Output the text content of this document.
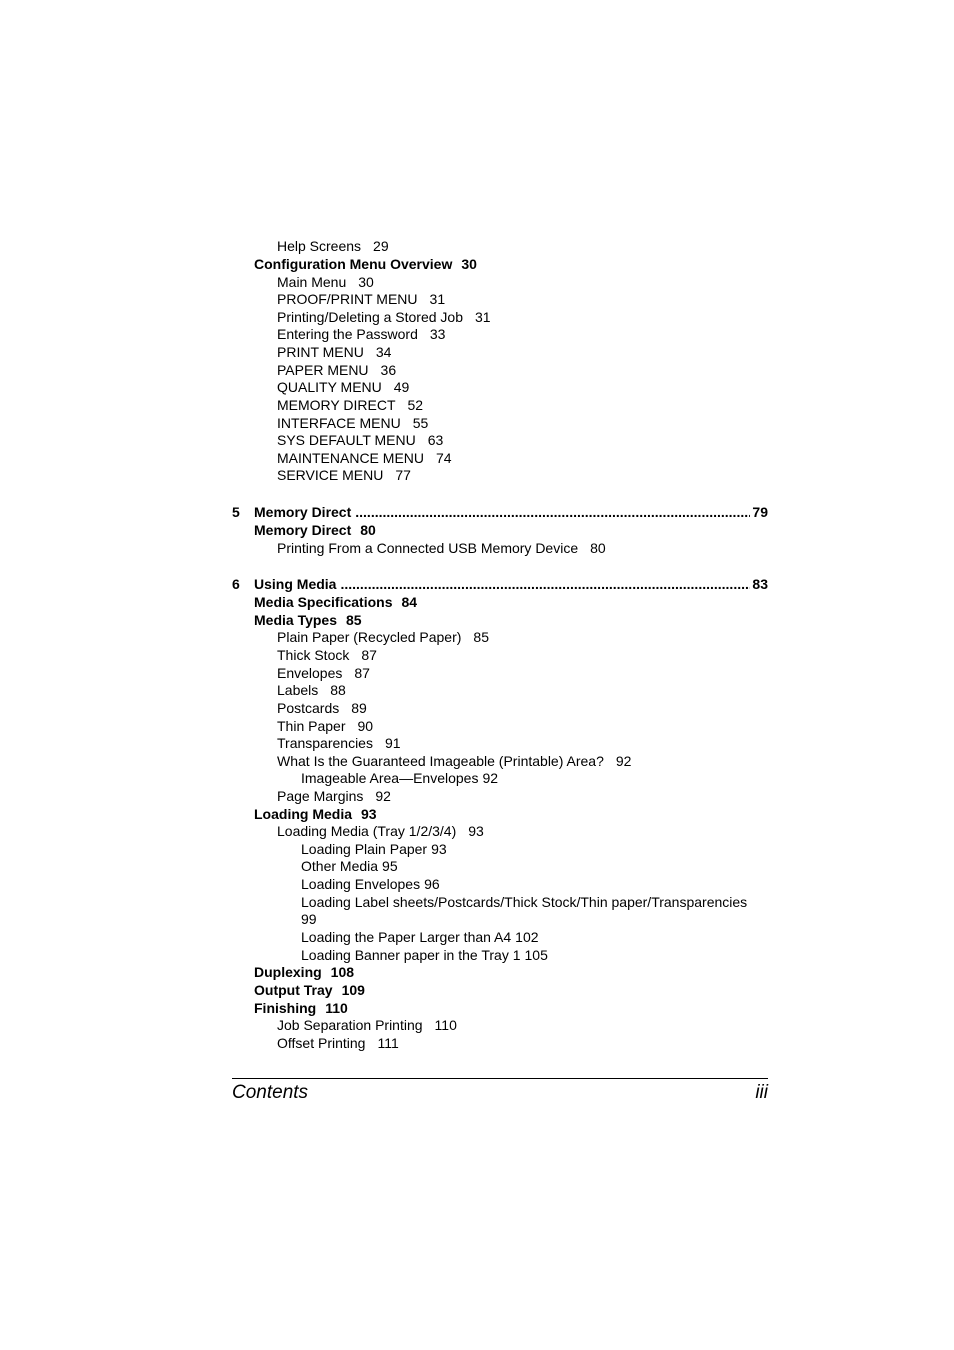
Help Screens 29
Configuration Menu Overview 30
Main Menu 30
PROOF/PRINT MENU 31
Printing/Deleting a Stored Job 31
Entering the Password 33
PRINT MENU 34
PAPER MENU 36
QUALITY MENU 49
MEMORY DIRECT 52
INTERFACE MENU 55
SYS DEFAULT MENU 63
MAINTENANCE MENU 74
SERVICE MENU 77
5	Memory Direct .....	79
Memory Direct 80
Printing From a Connected USB Memory Device 80
6	Using Media .....	83
Media Specifications 84
Media Types 85
Plain Paper (Recycled Paper) 85
Thick Stock 87
Envelopes 87
Labels 88
Postcards 89
Thin Paper 90
Transparencies 91
What Is the Guaranteed Imageable (Printable) Area? 92
Imageable Area—Envelopes 92
Page Margins 92
Loading Media 93
Loading Media (Tray 1/2/3/4) 93
Loading Plain Paper 93
Other Media 95
Loading Envelopes 96
Loading Label sheets/Postcards/Thick Stock/Thin paper/Transparencies
99
Loading the Paper Larger than A4 102
Loading Banner paper in the Tray 1 105
Duplexing 108
Output Tray 109
Finishing 110
Job Separation Printing 110
Offset Printing 111
Contents	iii
